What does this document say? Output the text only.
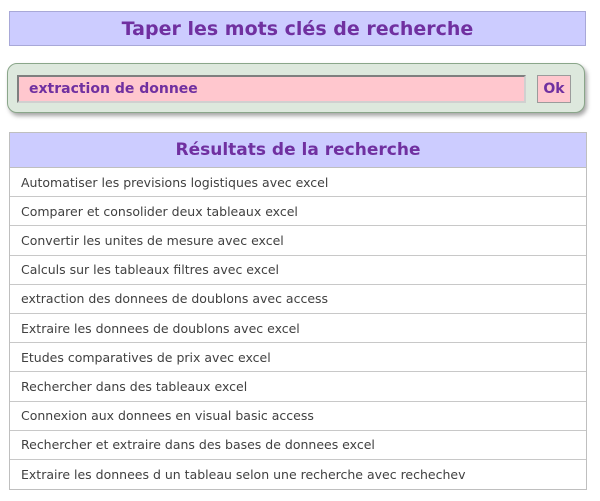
Taper les mots clés de recherche
extraction de donnee
Ok
Résultats de la recherche
Automatiser les previsions logistiques avec excel
Comparer et consolider deux tableaux excel
Convertir les unites de mesure avec excel
Calculs sur les tableaux filtres avec excel
extraction des donnees de doublons avec access
Extraire les donnees de doublons avec excel
Etudes comparatives de prix avec excel
Rechercher dans des tableaux excel
Connexion aux donnees en visual basic access
Rechercher et extraire dans des bases de donnees excel
Extraire les donnees d un tableau selon une recherche avec rechechev
